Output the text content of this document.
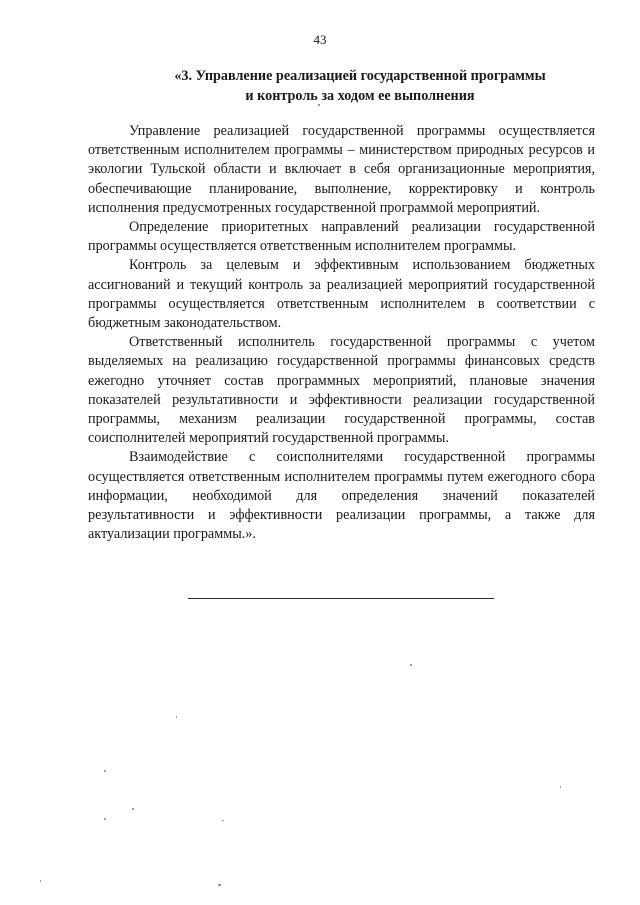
43
«3. Управление реализацией государственной программы
и контроль за ходом ее выполнения

Управление реализацией государственной программы осуществляется ответственным исполнителем программы – министерством природных ресурсов и экологии Тульской области и включает в себя организационные мероприятия, обеспечивающие планирование, выполнение, корректировку и контроль исполнения предусмотренных государственной программой мероприятий.

Определение приоритетных направлений реализации государственной программы осуществляется ответственным исполнителем программы.

Контроль за целевым и эффективным использованием бюджетных ассигнований и текущий контроль за реализацией мероприятий государственной программы осуществляется ответственным исполнителем в соответствии с бюджетным законодательством.

Ответственный исполнитель государственной программы с учетом выделяемых на реализацию государственной программы финансовых средств ежегодно уточняет состав программных мероприятий, плановые значения показателей результативности и эффективности реализации государственной программы, механизм реализации государственной программы, состав соисполнителей мероприятий государственной программы.

Взаимодействие с соисполнителями государственной программы осуществляется ответственным исполнителем программы путем ежегодного сбора информации, необходимой для определения значений показателей результативности и эффективности реализации программы, а также для актуализации программы.».
